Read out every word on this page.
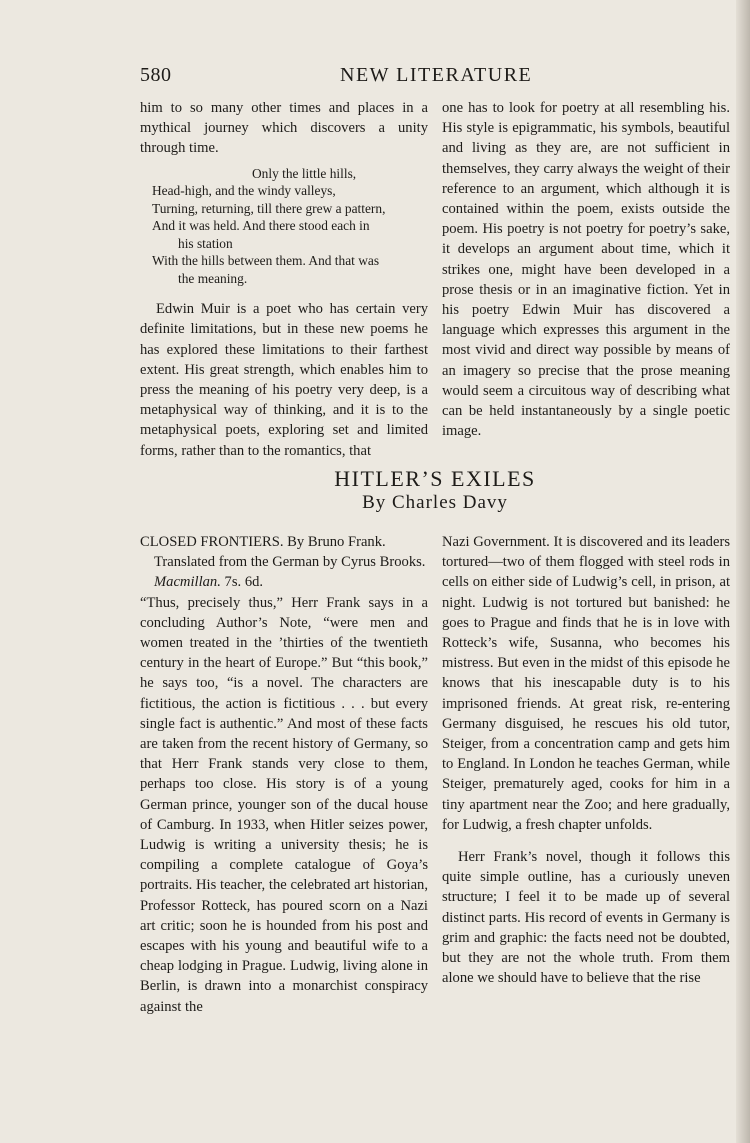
580	NEW LITERATURE

him to so many other times and places in a mythical journey which discovers a unity through time.

Only the little hills,
Head-high, and the windy valleys,
Turning, returning, till there grew a pattern,
And it was held. And there stood each in
his station
With the hills between them. And that was
the meaning.

Edwin Muir is a poet who has certain very definite limitations, but in these new poems he has explored these limitations to their farthest extent. His great strength, which enables him to press the meaning of his poetry very deep, is a metaphysical way of thinking, and it is to the metaphysical poets, exploring set and limited forms, rather than to the romantics, that

one has to look for poetry at all resembling his. His style is epigrammatic, his symbols, beautiful and living as they are, are not sufficient in themselves, they carry always the weight of their reference to an argument, which although it is contained within the poem, exists outside the poem. His poetry is not poetry for poetry’s sake, it develops an argument about time, which it strikes one, might have been developed in a prose thesis or in an imaginative fiction. Yet in his poetry Edwin Muir has discovered a language which expresses this argument in the most vivid and direct way possible by means of an imagery so precise that the prose meaning would seem a circuitous way of describing what can be held instantaneously by a single poetic image.

HITLER’S EXILES
By Charles Davy
CLOSED FRONTIERS. By Bruno Frank.
Translated from the German by Cyrus Brooks. Macmillan. 7s. 6d.

“Thus, precisely thus,” Herr Frank says in a concluding Author’s Note, “were men and women treated in the ’thirties of the twentieth century in the heart of Europe.” But “this book,” he says too, “is a novel. The characters are fictitious, the action is fictitious . . . but every single fact is authentic.” And most of these facts are taken from the recent history of Germany, so that Herr Frank stands very close to them, perhaps too close. His story is of a young German prince, younger son of the ducal house of Camburg. In 1933, when Hitler seizes power, Ludwig is writing a university thesis; he is compiling a complete catalogue of Goya’s portraits. His teacher, the celebrated art historian, Professor Rotteck, has poured scorn on a Nazi art critic; soon he is hounded from his post and escapes with his young and beautiful wife to a cheap lodging in Prague. Ludwig, living alone in Berlin, is drawn into a monarchist conspiracy against the

Nazi Government. It is discovered and its leaders tortured—two of them flogged with steel rods in cells on either side of Ludwig’s cell, in prison, at night. Ludwig is not tortured but banished: he goes to Prague and finds that he is in love with Rotteck’s wife, Susanna, who becomes his mistress. But even in the midst of this episode he knows that his inescapable duty is to his imprisoned friends. At great risk, re-entering Germany disguised, he rescues his old tutor, Steiger, from a concentration camp and gets him to England. In London he teaches German, while Steiger, prematurely aged, cooks for him in a tiny apartment near the Zoo; and here gradually, for Ludwig, a fresh chapter unfolds.

Herr Frank’s novel, though it follows this quite simple outline, has a curiously uneven structure; I feel it to be made up of several distinct parts. His record of events in Germany is grim and graphic: the facts need not be doubted, but they are not the whole truth. From them alone we should have to believe that the rise
